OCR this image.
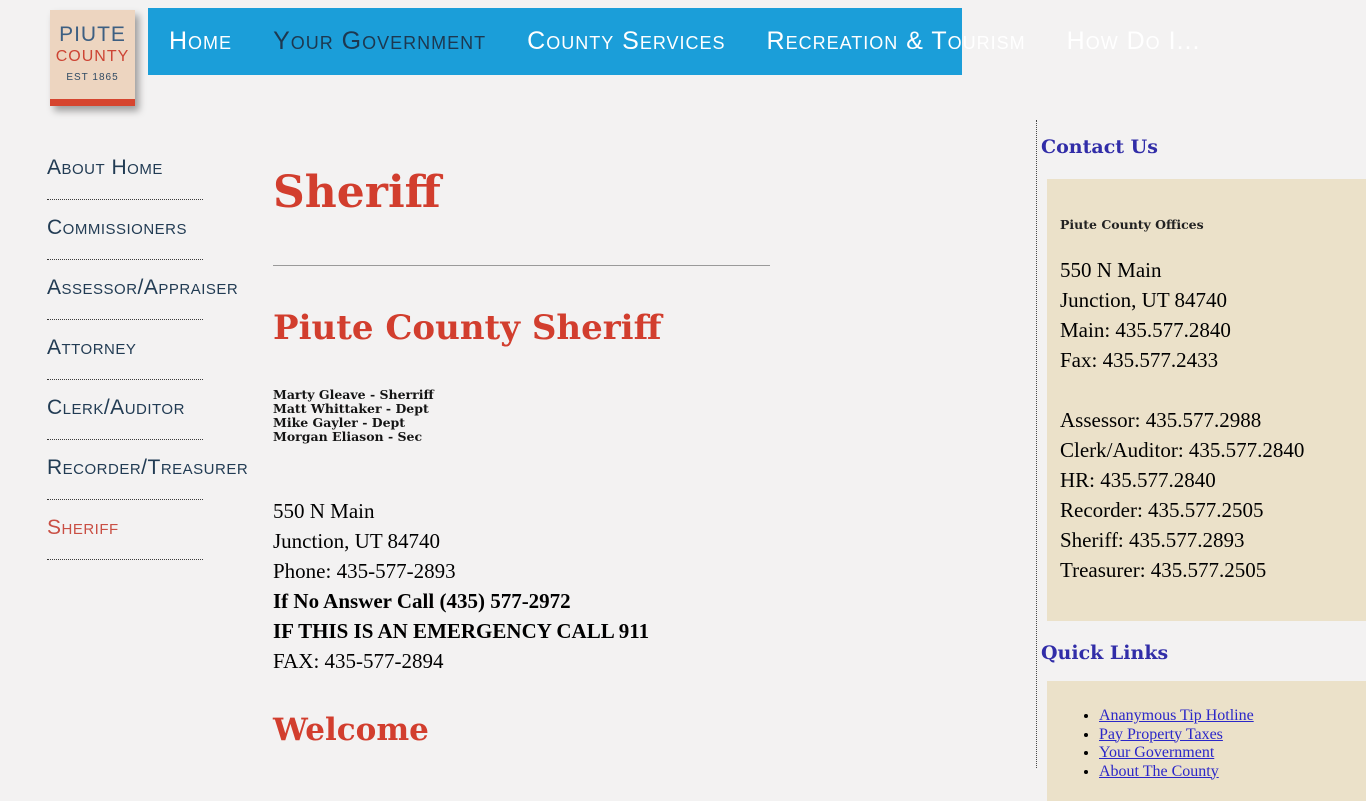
PIUTE
COUNTY
EST 1865
Home Your Government County Services Recreation & Tourism How Do I...
About Home
Commissioners
Assessor/Appraiser
Attorney
Clerk/Auditor
Recorder/Treasurer
Sheriff
Sheriff
Piute County Sheriff
Marty Gleave - Sherriff
Matt Whittaker - Dept
Mike Gayler - Dept
Morgan Eliason - Sec
550 N Main
Junction, UT 84740
Phone: 435-577-2893
If No Answer Call (435) 577-2972
IF THIS IS AN EMERGENCY CALL 911
FAX: 435-577-2894
Welcome
Contact Us
Piute County Offices
550 N Main
Junction, UT 84740
Main: 435.577.2840
Fax: 435.577.2433
Assessor: 435.577.2988
Clerk/Auditor: 435.577.2840
HR: 435.577.2840
Recorder: 435.577.2505
Sheriff: 435.577.2893
Treasurer: 435.577.2505
Quick Links
• Ananymous Tip Hotline
• Pay Property Taxes
• Your Government
• About The County
